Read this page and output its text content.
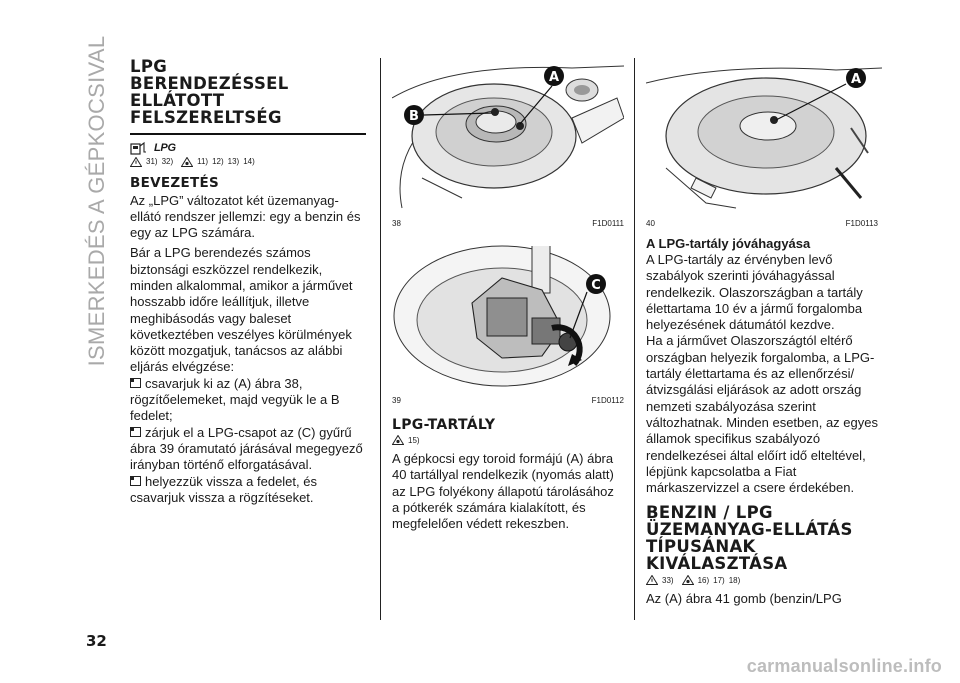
ISMERKEDÉS A GÉPKOCSIVAL LPG
BERENDEZÉSSEL
ELLÁTOTT
FELSZERELTSÉG
LPG
31) 32)	11) 12) 13) 14)
BEVEZETÉS

Az „LPG” változatot két üzemanyag-ellátó rendszer jellemzi: egy a benzin és egy az LPG számára.

Bár a LPG berendezés számos biztonsági eszközzel rendelkezik, minden alkalommal, amikor a járművet hosszabb időre leállítjuk, illetve meghibásodás vagy baleset következtében veszélyes körülmények között mozgatjuk, tanácsos az alábbi eljárás elvégzése:

csavarjuk ki az (A) ábra 38, rögzítőelemeket, majd vegyük le a B fedelet;

zárjuk el a LPG-csapot az (C) gyűrű ábra 39 óramutató járásával megegyező irányban történő elforgatásával.

helyezzük vissza a fedelet, és csavarjuk vissza a rögzítéseket.

A
B
38	F1D0111
C
39	F1D0112
LPG-TARTÁLY
15)

A gépkocsi egy toroid formájú (A) ábra 40 tartállyal rendelkezik (nyomás alatt) az LPG folyékony állapotú tárolásához a pótkerék számára kialakított, és megfelelően védett rekeszben.

A
40	F1D0113
A LPG-tartály jóváhagyása

A LPG-tartály az érvényben levő szabályok szerinti jóváhagyással rendelkezik. Olaszországban a tartály élettartama 10 év a jármű forgalomba helyezésének dátumától kezdve.

Ha a járművet Olaszországtól eltérő országban helyezik forgalomba, a LPG-tartály élettartama és az ellenőrzési/átvizsgálási eljárások az adott ország nemzeti szabályozása szerint változhatnak. Minden esetben, az egyes államok specifikus szabályozó rendelkezései által előírt idő elteltével, lépjünk kapcsolatba a Fiat márkaszervizzel a csere érdekében.

BENZIN / LPG
ÜZEMANYAG-ELLÁTÁS
TÍPUSÁNAK
KIVÁLASZTÁSA
33)	16) 17) 18)

Az (A) ábra 41 gomb (benzin/LPG

32
carmanualsonline.info
